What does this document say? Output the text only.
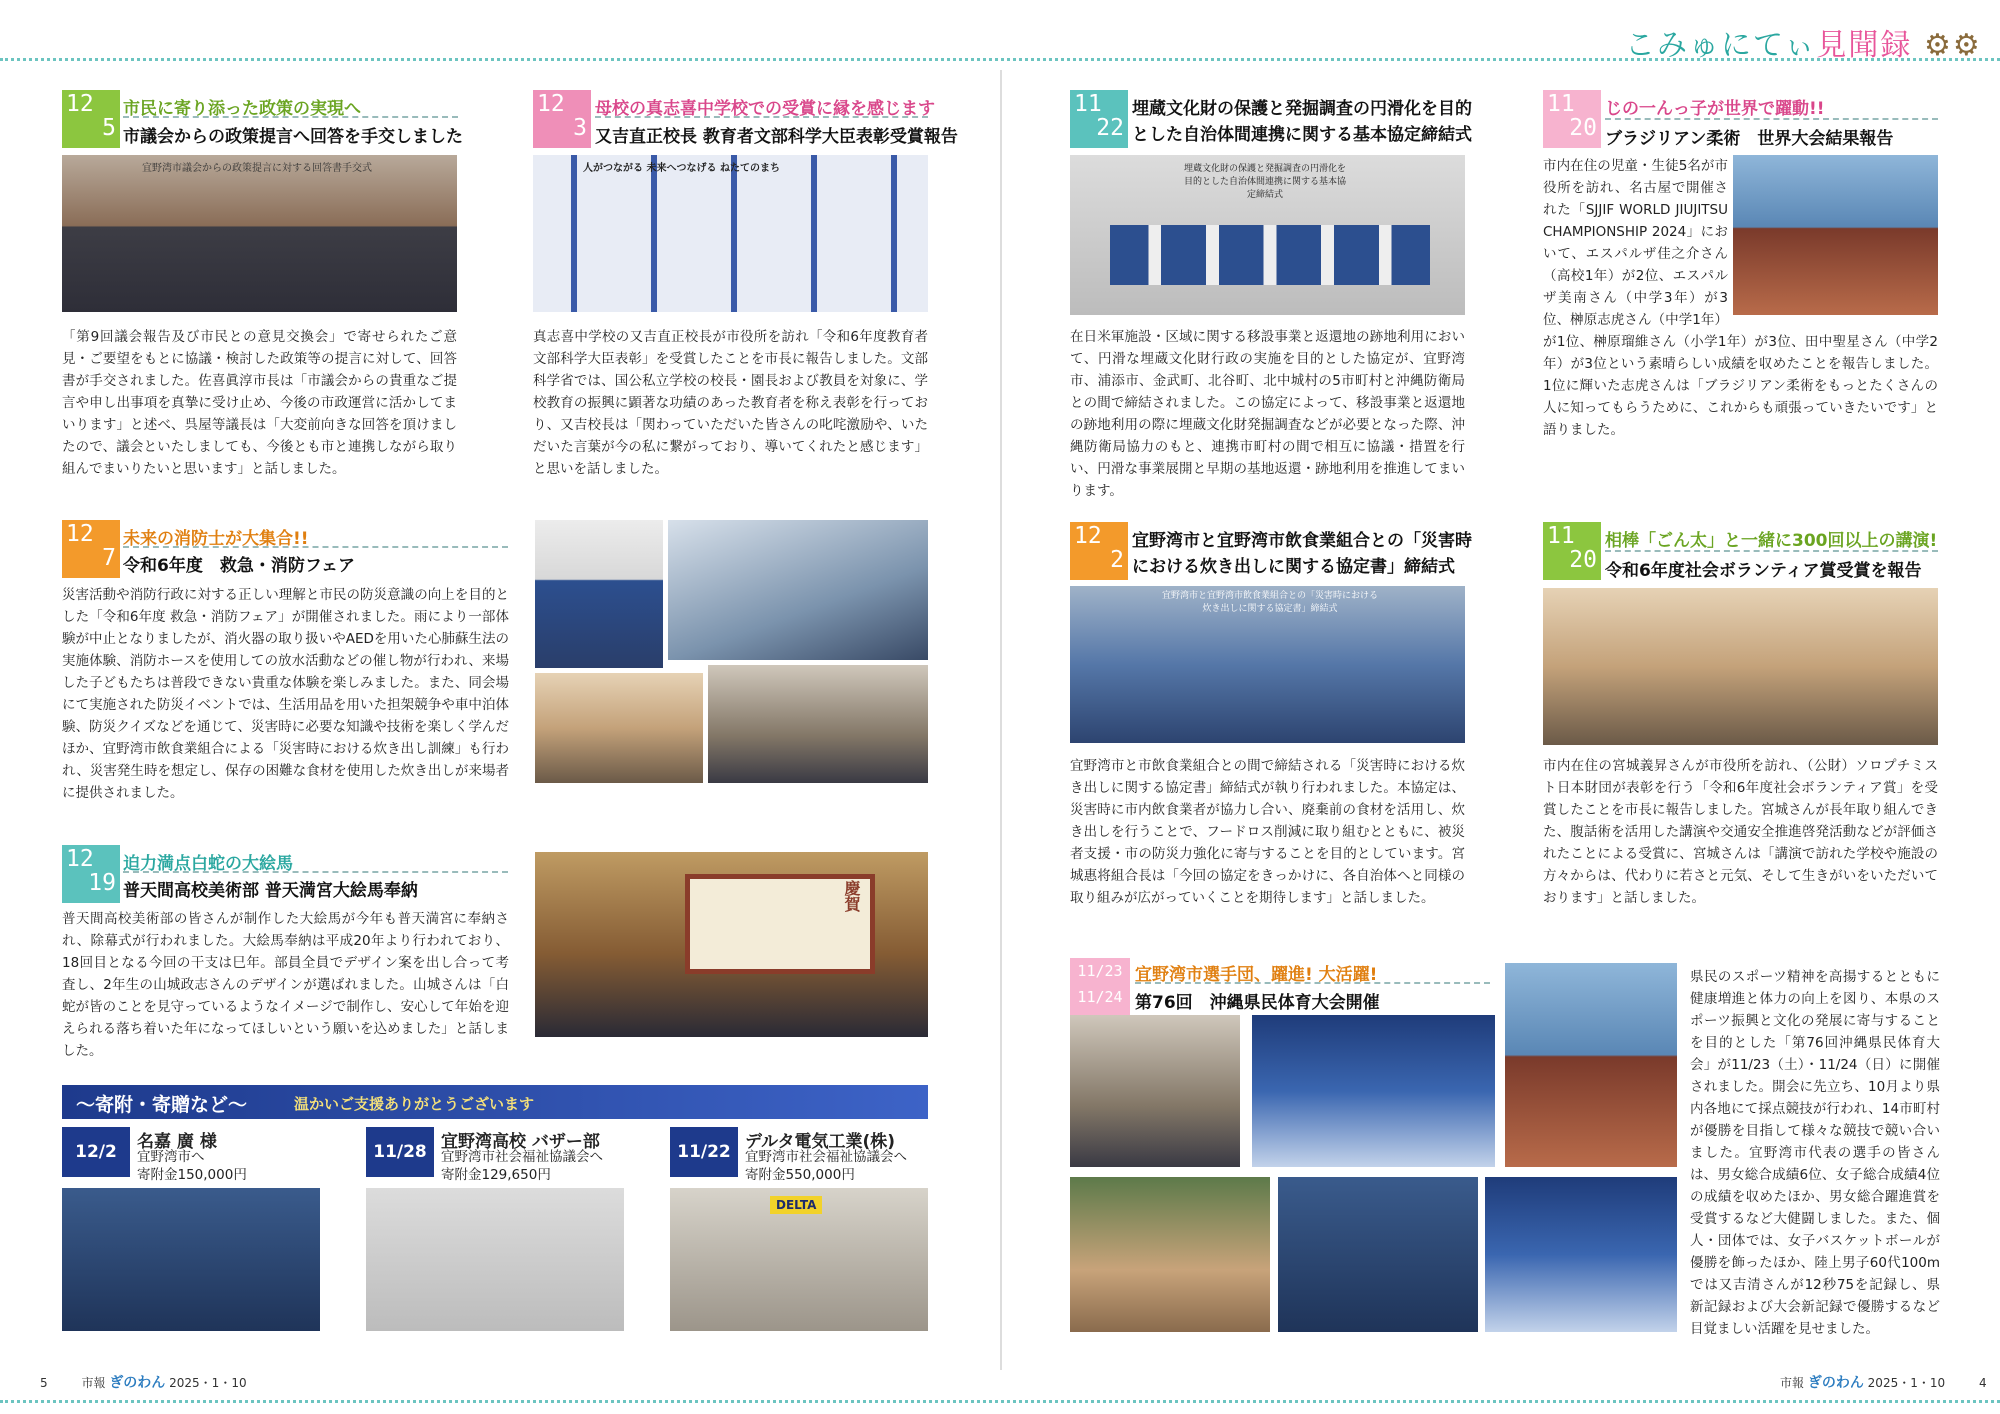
こみゅにてぃ見聞録 ⚙⚙
12
5
市民に寄り添った政策の実現へ
市議会からの政策提言へ回答を手交しました
宜野湾市議会からの政策提言に対する回答書手交式
「第9回議会報告及び市民との意見交換会」で寄せられたご意見・ご要望をもとに協議・検討した政策等の提言に対して、回答書が手交されました。佐喜眞淳市長は「市議会からの貴重なご提言や申し出事項を真摯に受け止め、今後の市政運営に活かしてまいります」と述べ、呉屋等議長は「大変前向きな回答を頂けましたので、議会といたしましても、今後とも市と連携しながら取り組んでまいりたいと思います」と話しました。
12
3
母校の真志喜中学校での受賞に縁を感じます
又吉直正校長 教育者文部科学大臣表彰受賞報告
人がつながる 未来へつなげる ねたてのまち
真志喜中学校の又吉直正校長が市役所を訪れ「令和6年度教育者文部科学大臣表彰」を受賞したことを市長に報告しました。文部科学省では、国公私立学校の校長・園長および教員を対象に、学校教育の振興に顕著な功績のあった教育者を称え表彰を行っており、又吉校長は「関わっていただいた皆さんの叱咤激励や、いただいた言葉が今の私に繋がっており、導いてくれたと感じます」と思いを話しました。
12
7
未来の消防士が大集合!!
令和6年度　救急・消防フェア
災害活動や消防行政に対する正しい理解と市民の防災意識の向上を目的とした「令和6年度 救急・消防フェア」が開催されました。雨により一部体験が中止となりましたが、消火器の取り扱いやAEDを用いた心肺蘇生法の実施体験、消防ホースを使用しての放水活動などの催し物が行われ、来場した子どもたちは普段できない貴重な体験を楽しみました。また、同会場にて実施された防災イベントでは、生活用品を用いた担架競争や車中泊体験、防災クイズなどを通じて、災害時に必要な知識や技術を楽しく学んだほか、宜野湾市飲食業組合による「災害時における炊き出し訓練」も行われ、災害発生時を想定し、保存の困難な食材を使用した炊き出しが来場者に提供されました。
12
19
迫力満点白蛇の大絵馬
普天間高校美術部 普天満宮大絵馬奉納
普天間高校美術部の皆さんが制作した大絵馬が今年も普天満宮に奉納され、除幕式が行われました。大絵馬奉納は平成20年より行われており、18回目となる今回の干支は巳年。部員全員でデザイン案を出し合って考査し、2年生の山城政志さんのデザインが選ばれました。山城さんは「白蛇が皆のことを見守っているようなイメージで制作し、安心して年始を迎えられる落ち着いた年になってほしいという願いを込めました」と話しました。
慶賀
～寄附・寄贈など～	温かいご支援ありがとうございます
12/2	名嘉 廣 様
宜野湾市へ
寄附金150,000円
11/28 宜野湾高校 バザー部
宜野湾市社会福祉協議会へ
寄附金129,650円
11/22 デルタ電気工業(株)
宜野湾市社会福祉協議会へ
寄附金550,000円
DELTA
11
22
埋蔵文化財の保護と発掘調査の円滑化を目的
とした自治体間連携に関する基本協定締結式
埋蔵文化財の保護と発掘調査の円滑化を目的とした自治体間連携に関する基本協定締結式
在日米軍施設・区域に関する移設事業と返還地の跡地利用において、円滑な埋蔵文化財行政の実施を目的とした協定が、宜野湾市、浦添市、金武町、北谷町、北中城村の5市町村と沖縄防衛局との間で締結されました。この協定によって、移設事業と返還地の跡地利用の際に埋蔵文化財発掘調査などが必要となった際、沖縄防衛局協力のもと、連携市町村の間で相互に協議・措置を行い、円滑な事業展開と早期の基地返還・跡地利用を推進してまいります。
11
20
じの一んっ子が世界で躍動!!
ブラジリアン柔術　世界大会結果報告
市内在住の児童・生徒5名が市役所を訪れ、名古屋で開催された「SJJIF WORLD JIUJITSU CHAMPIONSHIP 2024」において、エスパルザ佳之介さん（高校1年）が2位、エスパルザ美南さん（中学3年）が3位、榊原志虎さん（中学1年）が1位、榊原瑠維さん（小学1年）が3位、田中聖星さん（中学2年）が3位という素晴らしい成績を収めたことを報告しました。1位に輝いた志虎さんは「ブラジリアン柔術をもっとたくさんの人に知ってもらうために、これからも頑張っていきたいです」と語りました。
12
2
宜野湾市と宜野湾市飲食業組合との「災害時
における炊き出しに関する協定書」締結式
宜野湾市と宜野湾市飲食業組合との「災害時における炊き出しに関する協定書」締結式
宜野湾市と市飲食業組合との間で締結される「災害時における炊き出しに関する協定書」締結式が執り行われました。本協定は、災害時に市内飲食業者が協力し合い、廃棄前の食材を活用し、炊き出しを行うことで、フードロス削減に取り組むとともに、被災者支援・市の防災力強化に寄与することを目的としています。宮城惠将組合長は「今回の協定をきっかけに、各自治体へと同様の取り組みが広がっていくことを期待します」と話しました。
11
20
相棒「ごん太」と一緒に300回以上の講演!
令和6年度社会ボランティア賞受賞を報告
市内在住の宮城義昇さんが市役所を訪れ、（公財）ソロプチミスト日本財団が表彰を行う「令和6年度社会ボランティア賞」を受賞したことを市長に報告しました。宮城さんが長年取り組んできた、腹話術を活用した講演や交通安全推進啓発活動などが評価されたことによる受賞に、宮城さんは「講演で訪れた学校や施設の方々からは、代わりに若さと元気、そして生きがいをいただいております」と話しました。
11/23
11/24
宜野湾市選手団、躍進! 大活躍!
第76回　沖縄県民体育大会開催
県民のスポーツ精神を高揚するとともに健康増進と体力の向上を図り、本県のスポーツ振興と文化の発展に寄与することを目的とした「第76回沖縄県民体育大会」が11/23（土）・11/24（日）に開催されました。開会に先立ち、10月より県内各地にて採点競技が行われ、14市町村が優勝を目指して様々な競技で競い合いました。宜野湾市代表の選手の皆さんは、男女総合成績6位、女子総合成績4位の成績を収めたほか、男女総合躍進賞を受賞するなど大健闘しました。また、個人・団体では、女子バスケットボールが優勝を飾ったほか、陸上男子60代100mでは又吉清さんが12秒75を記録し、県新記録および大会新記録で優勝するなど目覚ましい活躍を見せました。
5	市報 ぎのわん 2025・1・10	市報 ぎのわん 2025・1・10	4
